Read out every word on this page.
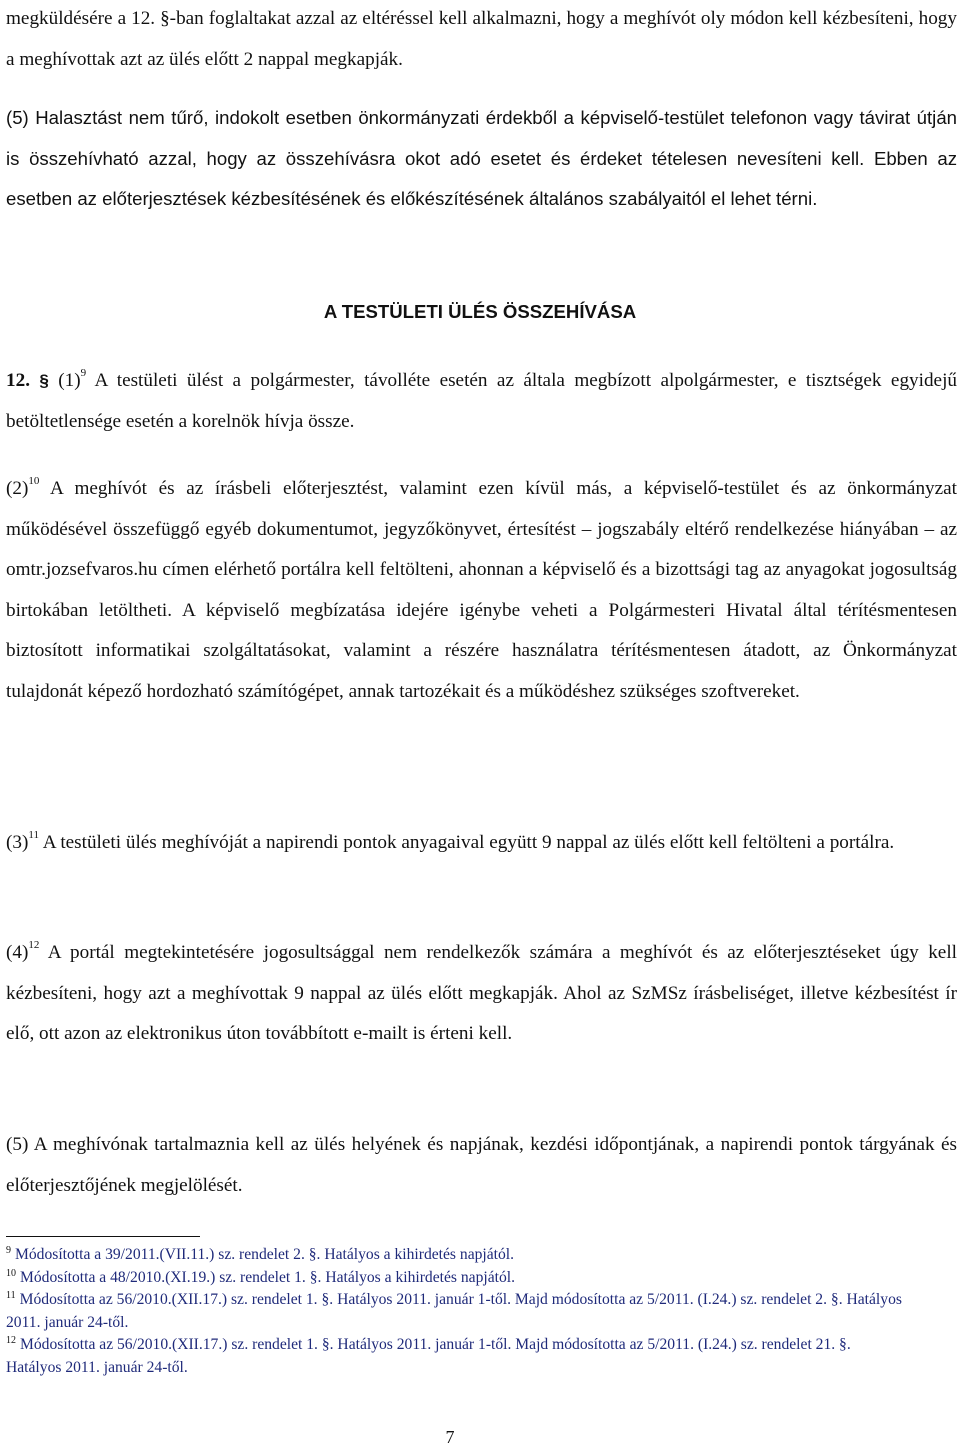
megküldésére a 12. §-ban foglaltakat azzal az eltéréssel kell alkalmazni, hogy a meghívót oly módon kell kézbesíteni, hogy a meghívottak azt az ülés előtt 2 nappal megkapják.

(5) Halasztást nem tűrő, indokolt esetben önkormányzati érdekből a képviselő-testület telefonon vagy távirat útján is összehívható azzal, hogy az összehívásra okot adó esetet és érdeket tételesen nevesíteni kell. Ebben az esetben az előterjesztések kézbesítésének és előkészítésének általános szabályaitól el lehet térni.

A TESTÜLETI ÜLÉS ÖSSZEHÍVÁSA

12. § (1)$^9$ A testületi ülést a polgármester, távolléte esetén az általa megbízott alpolgármester, e tisztségek egyidejű betöltetlensége esetén a korelnök hívja össze.

(2)$^{10}$ A meghívót és az írásbeli előterjesztést, valamint ezen kívül más, a képviselő-testület és az önkormányzat működésével összefüggő egyéb dokumentumot, jegyzőkönyvet, értesítést – jogszabály eltérő rendelkezése hiányában – az omtr.jozsefvaros.hu címen elérhető portálra kell feltölteni, ahonnan a képviselő és a bizottsági tag az anyagokat jogosultság birtokában letöltheti. A képviselő megbízatása idejére igénybe veheti a Polgármesteri Hivatal által térítésmentesen biztosított informatikai szolgáltatásokat, valamint a részére használatra térítésmentesen átadott, az Önkormányzat tulajdonát képező hordozható számítógépet, annak tartozékait és a működéshez szükséges szoftvereket.

(3)$^{11}$ A testületi ülés meghívóját a napirendi pontok anyagaival együtt 9 nappal az ülés előtt kell feltölteni a portálra.

(4)$^{12}$ A portál megtekintetésére jogosultsággal nem rendelkezők számára a meghívót és az előterjesztéseket úgy kell kézbesíteni, hogy azt a meghívottak 9 nappal az ülés előtt megkapják. Ahol az SzMSz írásbeliséget, illetve kézbesítést ír elő, ott azon az elektronikus úton továbbított e-mailt is érteni kell.

(5) A meghívónak tartalmaznia kell az ülés helyének és napjának, kezdési időpontjának, a napirendi pontok tárgyának és előterjesztőjének megjelölését.

$^9$ Módosította a 39/2011.(VII.11.) sz. rendelet 2. §. Hatályos a kihirdetés napjától.

$^{10}$ Módosította a 48/2010.(XI.19.) sz. rendelet 1. §. Hatályos a kihirdetés napjától.

$^{11}$ Módosította az 56/2010.(XII.17.) sz. rendelet 1. §. Hatályos 2011. január 1-től. Majd módosította az 5/2011. (I.24.) sz. rendelet 2. §. Hatályos 2011. január 24-től.

$^{12}$ Módosította az 56/2010.(XII.17.) sz. rendelet 1. §. Hatályos 2011. január 1-től. Majd módosította az 5/2011. (I.24.) sz. rendelet 21. §. Hatályos 2011. január 24-től.

7
